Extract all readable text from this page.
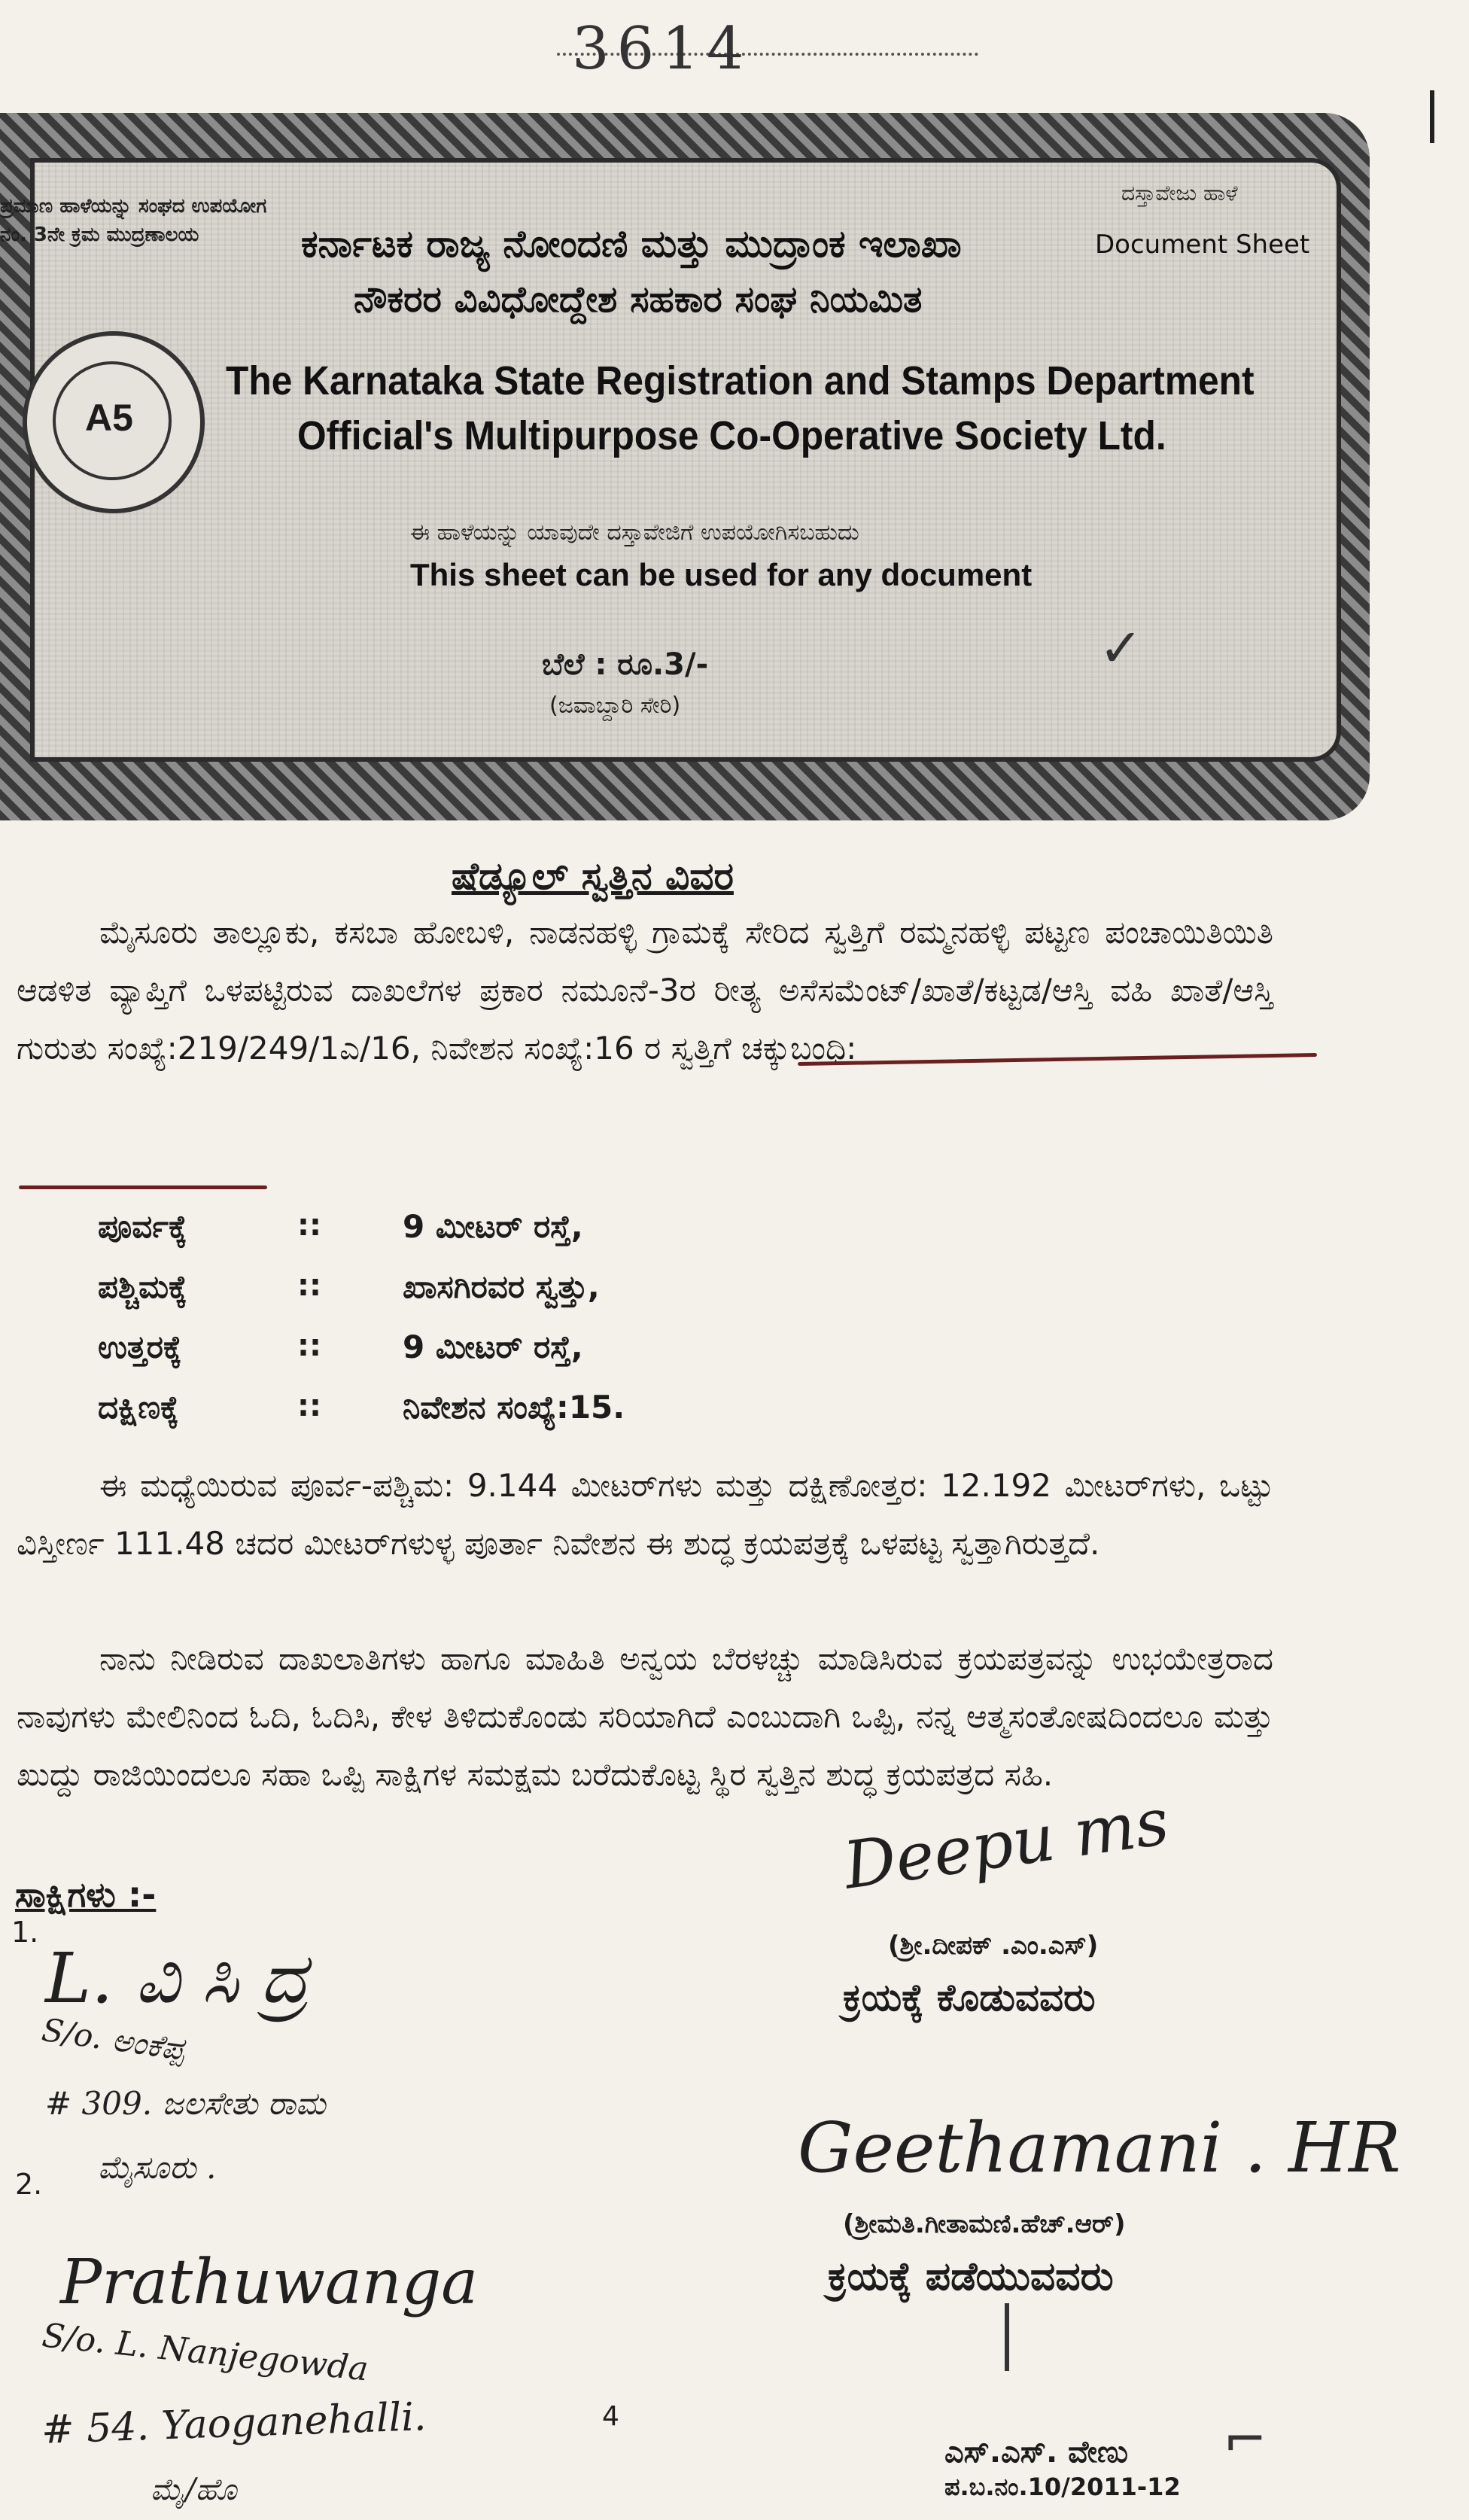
3614
ಪ್ರಮಾಣ ಹಾಳೆಯನ್ನು ಸಂಘದ ಉಪಯೋಗ
ನಂ. 3ನೇ ಕ್ರಮ ಮುದ್ರಣಾಲಯ
ದಸ್ತಾವೇಜು ಹಾಳೆ
Document Sheet
ಕರ್ನಾಟಕ ರಾಜ್ಯ ನೋಂದಣಿ ಮತ್ತು ಮುದ್ರಾಂಕ ಇಲಾಖಾ
ನೌಕರರ ವಿವಿಧೋದ್ದೇಶ ಸಹಕಾರ ಸಂಘ ನಿಯಮಿತ
A5
The Karnataka State Registration and Stamps Department
Official's Multipurpose Co-Operative Society Ltd.
ಈ ಹಾಳೆಯನ್ನು ಯಾವುದೇ ದಸ್ತಾವೇಜಿಗೆ ಉಪಯೋಗಿಸಬಹುದು
This sheet can be used for any document
ಬೆಲೆ : ರೂ.3/-
(ಜವಾಬ್ದಾರಿ ಸೇರಿ)
✓
ಷೆಡ್ಯೂಲ್ ಸ್ವತ್ತಿನ ವಿವರ
ಮೈಸೂರು ತಾಲ್ಲೂಕು, ಕಸಬಾ ಹೋಬಳಿ, ನಾಡನಹಳ್ಳಿ ಗ್ರಾಮಕ್ಕೆ ಸೇರಿದ ಸ್ವತ್ತಿಗೆ ರಮ್ಮನಹಳ್ಳಿ ಪಟ್ಟಣ ಪಂಚಾಯಿತಿಯಿತಿ ಆಡಳಿತ ವ್ಯಾಪ್ತಿಗೆ ಒಳಪಟ್ಟಿರುವ ದಾಖಲೆಗಳ ಪ್ರಕಾರ ನಮೂನೆ-3ರ ರೀತ್ಯ ಅಸೆಸಮೆಂಟ್/ಖಾತೆ/ಕಟ್ಟಡ/ಆಸ್ತಿ ವಹಿ ಖಾತೆ/ಆಸ್ತಿ ಗುರುತು ಸಂಖ್ಯೆ:219/249/1ಎ/16, ನಿವೇಶನ ಸಂಖ್ಯೆ:16 ರ ಸ್ವತ್ತಿಗೆ ಚಕ್ಕುಬಂಧಿ:
ಪೂರ್ವಕ್ಕೆ	::	9 ಮೀಟರ್ ರಸ್ತೆ,
ಪಶ್ಚಿಮಕ್ಕೆ	::	ಖಾಸಗಿರವರ ಸ್ವತ್ತು,
ಉತ್ತರಕ್ಕೆ	::	9 ಮೀಟರ್ ರಸ್ತೆ,
ದಕ್ಷಿಣಕ್ಕೆ	::	ನಿವೇಶನ ಸಂಖ್ಯೆ:15.
ಈ ಮಧ್ಯೆಯಿರುವ ಪೂರ್ವ-ಪಶ್ಚಿಮ: 9.144 ಮೀಟರ್‌ಗಳು ಮತ್ತು ದಕ್ಷಿಣೋತ್ತರ: 12.192 ಮೀಟರ್‌ಗಳು, ಒಟ್ಟು ವಿಸ್ತೀರ್ಣ 111.48 ಚದರ ಮೀಟರ್‌ಗಳುಳ್ಳ ಪೂರ್ತಾ ನಿವೇಶನ ಈ ಶುದ್ಧ ಕ್ರಯಪತ್ರಕ್ಕೆ ಒಳಪಟ್ಟ ಸ್ವತ್ತಾಗಿರುತ್ತದೆ.
ನಾನು ನೀಡಿರುವ ದಾಖಲಾತಿಗಳು ಹಾಗೂ ಮಾಹಿತಿ ಅನ್ವಯ ಬೆರಳಚ್ಚು ಮಾಡಿಸಿರುವ ಕ್ರಯಪತ್ರವನ್ನು ಉಭಯೇತ್ರರಾದ ನಾವುಗಳು ಮೇಲಿನಿಂದ ಓದಿ, ಓದಿಸಿ, ಕೇಳ ತಿಳಿದುಕೊಂಡು ಸರಿಯಾಗಿದೆ ಎಂಬುದಾಗಿ ಒಪ್ಪಿ, ನನ್ನ ಆತ್ಮಸಂತೋಷದಿಂದಲೂ ಮತ್ತು ಖುದ್ದು ರಾಜಿಯಿಂದಲೂ ಸಹಾ ಒಪ್ಪಿ ಸಾಕ್ಷಿಗಳ ಸಮಕ್ಷಮ ಬರೆದುಕೊಟ್ಟ ಸ್ಥಿರ ಸ್ವತ್ತಿನ ಶುದ್ಧ ಕ್ರಯಪತ್ರದ ಸಹಿ.
ಸಾಕ್ಷಿಗಳು :-
1.
L. ವಿ ಸಿ ದ್ರ
S/o. ಅಂಕೆಪ್ಪ
# 309. ಜಲಸೇತು ರಾಮ
ಮೈಸೂರು .
2.
Prathuwanga
S/o. L. Nanjegowda
# 54. Yaoganehalli.
ಮೈ/ಹೊ
Deepu ms
(ಶ್ರೀ.ದೀಪಕ್ .ಎಂ.ಎಸ್)
ಕ್ರಯಕ್ಕೆ ಕೊಡುವವರು
Geethamani . HR
(ಶ್ರೀಮತಿ.ಗೀತಾಮಣಿ.ಹೆಚ್.ಆರ್)
ಕ್ರಯಕ್ಕೆ ಪಡೆಯುವವರು
4
ಎಸ್.ಎಸ್. ವೇಣು
ಪ.ಬ.ನಂ.10/2011-12
⌐
